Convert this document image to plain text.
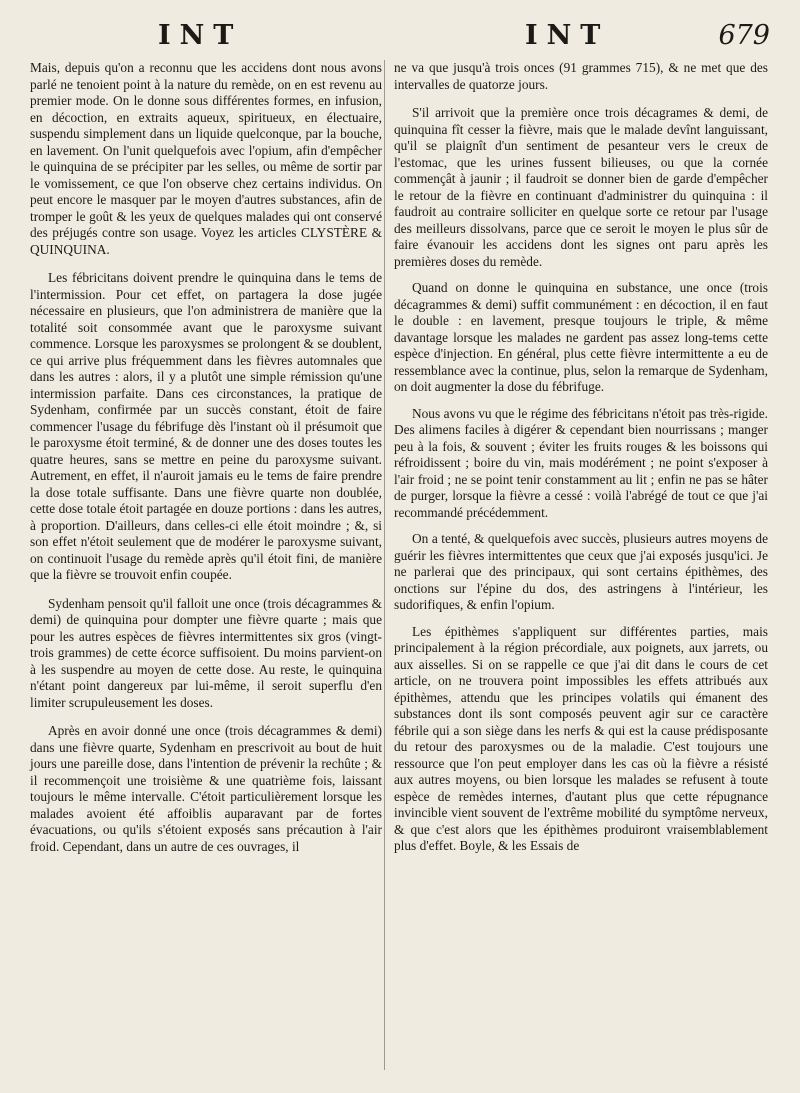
INT	INT	679

Mais, depuis qu'on a reconnu que les accidens dont nous avons parlé ne tenoient point à la nature du remède, on en est revenu au premier mode. On le donne sous différentes formes, en infusion, en décoction, en extraits aqueux, spiritueux, en électuaire, suspendu simplement dans un liquide quelconque, par la bouche, en lavement. On l'unit quelquefois avec l'opium, afin d'empêcher le quinquina de se précipiter par les selles, ou même de sortir par le vomissement, ce que l'on observe chez certains individus. On peut encore le masquer par le moyen d'autres substances, afin de tromper le goût & les yeux de quelques malades qui ont conservé des préjugés contre son usage. Voyez les articles CLYSTÈRE & QUINQUINA.

Les fébricitans doivent prendre le quinquina dans le tems de l'intermission. Pour cet effet, on partagera la dose jugée nécessaire en plusieurs, que l'on administrera de manière que la totalité soit consommée avant que le paroxysme suivant commence. Lorsque les paroxysmes se prolongent & se doublent, ce qui arrive plus fréquemment dans les fièvres automnales que dans les autres : alors, il y a plutôt une simple rémission qu'une intermission parfaite. Dans ces circonstances, la pratique de Sydenham, confirmée par un succès constant, étoit de faire commencer l'usage du fébrifuge dès l'instant où il présumoit que le paroxysme étoit terminé, & de donner une des doses toutes les quatre heures, sans se mettre en peine du paroxysme suivant. Autrement, en effet, il n'auroit jamais eu le tems de faire prendre la dose totale suffisante. Dans une fièvre quarte non doublée, cette dose totale étoit partagée en douze portions : dans les autres, à proportion. D'ailleurs, dans celles-ci elle étoit moindre ; &, si son effet n'étoit seulement que de modérer le paroxysme suivant, on continuoit l'usage du remède après qu'il étoit fini, de manière que la fièvre se trouvoit enfin coupée.

Sydenham pensoit qu'il falloit une once (trois décagrammes & demi) de quinquina pour dompter une fièvre quarte ; mais que pour les autres espèces de fièvres intermittentes six gros (vingt-trois grammes) de cette écorce suffisoient. Du moins parvient-on à les suspendre au moyen de cette dose. Au reste, le quinquina n'étant point dangereux par lui-même, il seroit superflu d'en limiter scrupuleusement les doses.

Après en avoir donné une once (trois décagrammes & demi) dans une fièvre quarte, Sydenham en prescrivoit au bout de huit jours une pareille dose, dans l'intention de prévenir la rechûte ; & il recommençoit une troisième & une quatrième fois, laissant toujours le même intervalle. C'étoit particulièrement lorsque les malades avoient été affoiblis auparavant par de fortes évacuations, ou qu'ils s'étoient exposés sans précaution à l'air froid. Cependant, dans un autre de ces ouvrages, il

ne va que jusqu'à trois onces (91 grammes 715), & ne met que des intervalles de quatorze jours.

S'il arrivoit que la première once trois décagrames & demi, de quinquina fît cesser la fièvre, mais que le malade devînt languissant, qu'il se plaignît d'un sentiment de pesanteur vers le creux de l'estomac, que les urines fussent bilieuses, ou que la cornée commençât à jaunir ; il faudroit se donner bien de garde d'empêcher le retour de la fièvre en continuant d'administrer du quinquina : il faudroit au contraire solliciter en quelque sorte ce retour par l'usage des meilleurs dissolvans, parce que ce seroit le moyen le plus sûr de faire évanouir les accidens dont les signes ont paru après les premières doses du remède.

Quand on donne le quinquina en substance, une once (trois décagrammes & demi) suffit communément : en décoction, il en faut le double : en lavement, presque toujours le triple, & même davantage lorsque les malades ne gardent pas assez long-tems cette espèce d'injection. En général, plus cette fièvre intermittente a eu de ressemblance avec la continue, plus, selon la remarque de Sydenham, on doit augmenter la dose du fébrifuge.

Nous avons vu que le régime des fébricitans n'étoit pas très-rigide. Des alimens faciles à digérer & cependant bien nourrissans ; manger peu à la fois, & souvent ; éviter les fruits rouges & les boissons qui réfroidissent ; boire du vin, mais modérément ; ne point s'exposer à l'air froid ; ne se point tenir constamment au lit ; enfin ne pas se hâter de purger, lorsque la fièvre a cessé : voilà l'abrégé de tout ce que j'ai recommandé précédemment.

On a tenté, & quelquefois avec succès, plusieurs autres moyens de guérir les fièvres intermittentes que ceux que j'ai exposés jusqu'ici. Je ne parlerai que des principaux, qui sont certains épithèmes, des onctions sur l'épine du dos, des astringens à l'intérieur, les sudorifiques, & enfin l'opium.

Les épithèmes s'appliquent sur différentes parties, mais principalement à la région précordiale, aux poignets, aux jarrets, ou aux aisselles. Si on se rappelle ce que j'ai dit dans le cours de cet article, on ne trouvera point impossibles les effets attribués aux épithèmes, attendu que les principes volatils qui émanent des substances dont ils sont composés peuvent agir sur ce caractère fébrile qui a son siège dans les nerfs & qui est la cause prédisposante du retour des paroxysmes ou de la maladie. C'est toujours une ressource que l'on peut employer dans les cas où la fièvre a résisté aux autres moyens, ou bien lorsque les malades se refusent à toute espèce de remèdes internes, d'autant plus que cette répugnance invincible vient souvent de l'extrême mobilité du symptôme nerveux, & que c'est alors que les épithèmes produiront vraisemblablement plus d'effet. Boyle, & les Essais de
